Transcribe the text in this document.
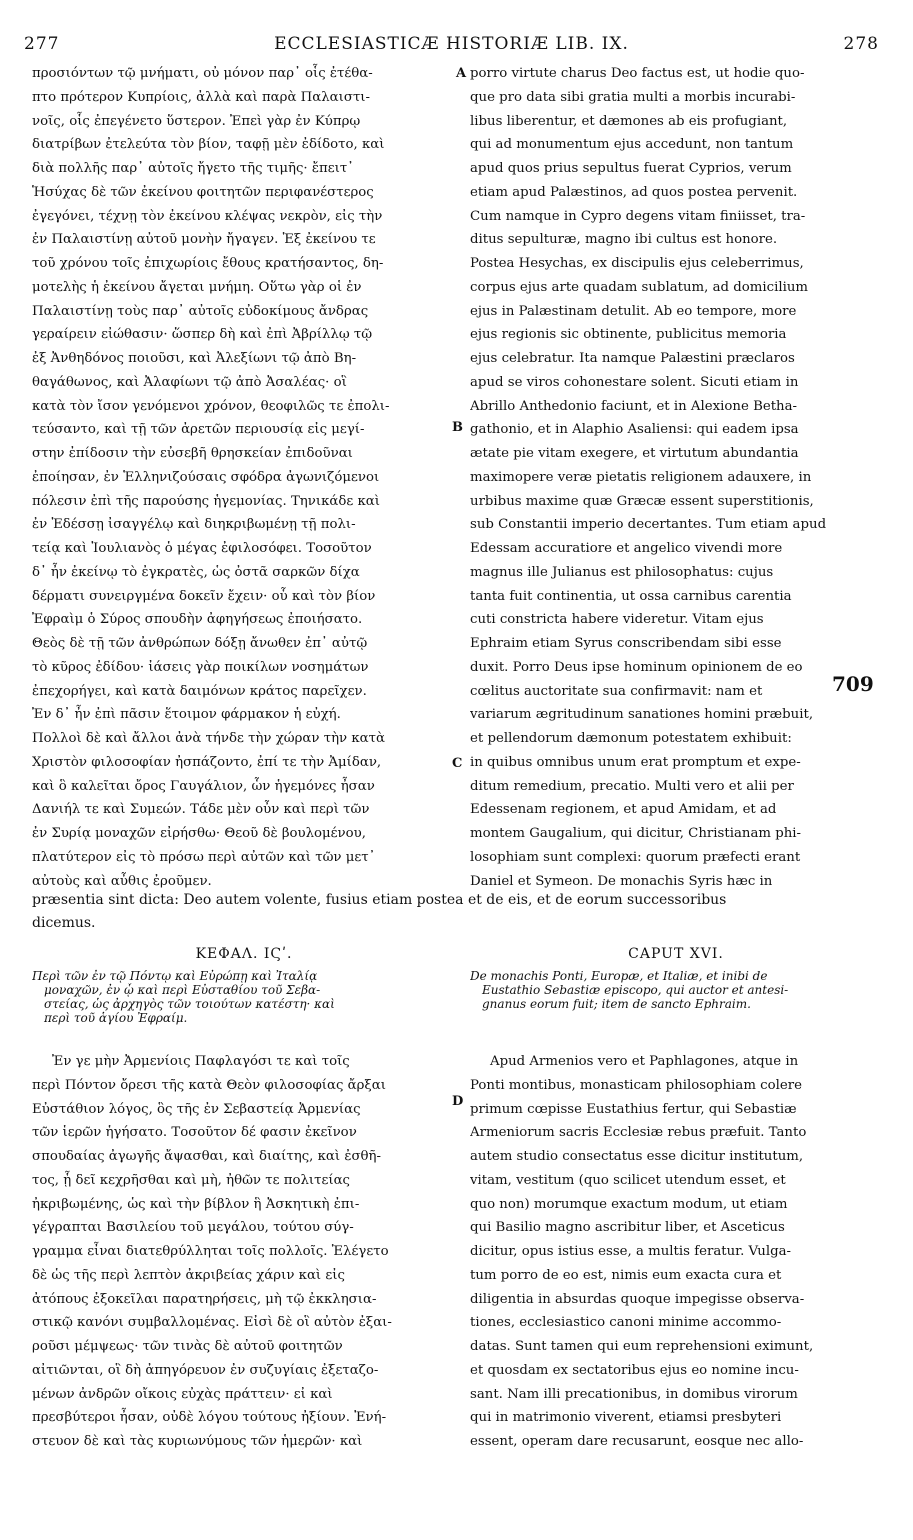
277	ECCLESIASTICÆ HISTORIÆ LIB. IX.	278
προσιόντων τῷ μνήματι, οὐ μόνον παρ᾽ οἷς ἐτέθα-
πτο πρότερον Κυπρίοις, ἀλλὰ καὶ παρὰ Παλαιστι-
νοῖς, οἷς ἐπεγένετο ὕστερον. Ἐπεὶ γὰρ ἐν Κύπρῳ
διατρίβων ἐτελεύτα τὸν βίον, ταφῇ μὲν ἐδίδοτο, καὶ
διὰ πολλῆς παρ᾽ αὐτοῖς ἤγετο τῆς τιμῆς· ἔπειτ᾽
Ἡσύχας δὲ τῶν ἐκείνου φοιτητῶν περιφανέστερος
ἐγεγόνει, τέχνῃ τὸν ἐκείνου κλέψας νεκρὸν, εἰς τὴν
ἐν Παλαιστίνῃ αὐτοῦ μονὴν ἤγαγεν. Ἐξ ἐκείνου τε
τοῦ χρόνου τοῖς ἐπιχωρίοις ἔθους κρατήσαντος, δη-
μοτελὴς ἡ ἐκείνου ἄγεται μνήμη. Οὕτω γὰρ οἱ ἐν
Παλαιστίνῃ τοὺς παρ᾽ αὐτοῖς εὐδοκίμους ἄνδρας
γεραίρειν εἰώθασιν· ὥσπερ δὴ καὶ ἐπὶ Ἀβρίλλῳ τῷ
ἐξ Ἀνθηδόνος ποιοῦσι, καὶ Ἀλεξίωνι τῷ ἀπὸ Βη-
θαγάθωνος, καὶ Ἀλαφίωνι τῷ ἀπὸ Ἀσαλέας· οἳ
κατὰ τὸν ἴσον γενόμενοι χρόνον, θεοφιλῶς τε ἐπολι-
τεύσαντο, καὶ τῇ τῶν ἀρετῶν περιουσίᾳ εἰς μεγί-
στην ἐπίδοσιν τὴν εὐσεβῆ θρησκείαν ἐπιδοῦναι
ἐποίησαν, ἐν Ἑλληνιζούσαις σφόδρα ἀγωνιζόμενοι
πόλεσιν ἐπὶ τῆς παρούσης ἡγεμονίας. Τηνικάδε καὶ
ἐν Ἐδέσσῃ ἰσαγγέλῳ καὶ διηκριβωμένῃ τῇ πολι-
τείᾳ καὶ Ἰουλιανὸς ὁ μέγας ἐφιλοσόφει. Τοσοῦτον
δ᾽ ἦν ἐκείνῳ τὸ ἐγκρατὲς, ὡς ὀστᾶ σαρκῶν δίχα
δέρματι συνειργμένα δοκεῖν ἔχειν· οὗ καὶ τὸν βίον
Ἐφραὶμ ὁ Σύρος σπουδὴν ἀφηγήσεως ἐποιήσατο.
Θεὸς δὲ τῇ τῶν ἀνθρώπων δόξῃ ἄνωθεν ἐπ᾽ αὐτῷ
τὸ κῦρος ἐδίδου· ἰάσεις γὰρ ποικίλων νοσημάτων
ἐπεχορήγει, καὶ κατὰ δαιμόνων κράτος παρεῖχεν.
Ἐν δ᾽ ἦν ἐπὶ πᾶσιν ἕτοιμον φάρμακον ἡ εὐχή.
Πολλοὶ δὲ καὶ ἄλλοι ἀνὰ τήνδε τὴν χώραν τὴν κατὰ
Χριστὸν φιλοσοφίαν ἠσπάζοντο, ἐπί τε τὴν Ἀμίδαν,
καὶ ὃ καλεῖται ὄρος Γαυγάλιον, ὧν ἡγεμόνες ἦσαν
Δανιήλ τε καὶ Συμεών. Τάδε μὲν οὖν καὶ περὶ τῶν
ἐν Συρίᾳ μοναχῶν εἰρήσθω· Θεοῦ δὲ βουλομένου,
πλατύτερον εἰς τὸ πρόσω περὶ αὐτῶν καὶ τῶν μετ᾽
αὐτοὺς καὶ αὖθις ἐροῦμεν.
porro virtute charus Deo factus est, ut hodie quo-
que pro data sibi gratia multi a morbis incurabi-
libus liberentur, et dæmones ab eis profugiant,
qui ad monumentum ejus accedunt, non tantum
apud quos prius sepultus fuerat Cyprios, verum
etiam apud Palæstinos, ad quos postea pervenit.
Cum namque in Cypro degens vitam finiisset, tra-
ditus sepulturæ, magno ibi cultus est honore.
Postea Hesychas, ex discipulis ejus celeberrimus,
corpus ejus arte quadam sublatum, ad domicilium
ejus in Palæstinam detulit. Ab eo tempore, more
ejus regionis sic obtinente, publicitus memoria
ejus celebratur. Ita namque Palæstini præclaros
apud se viros cohonestare solent. Sicuti etiam in
Abrillo Anthedonio faciunt, et in Alexione Betha-
gathonio, et in Alaphio Asaliensi: qui eadem ipsa
ætate pie vitam exegere, et virtutum abundantia
maximopere veræ pietatis religionem adauxere, in
urbibus maxime quæ Græcæ essent superstitionis,
sub Constantii imperio decertantes. Tum etiam apud
Edessam accuratiore et angelico vivendi more
magnus ille Julianus est philosophatus: cujus
tanta fuit continentia, ut ossa carnibus carentia
cuti constricta habere videretur. Vitam ejus
Ephraim etiam Syrus conscribendam sibi esse
duxit. Porro Deus ipse hominum opinionem de eo
cœlitus auctoritate sua confirmavit: nam et
variarum ægritudinum sanationes homini præbuit,
et pellendorum dæmonum potestatem exhibuit:
in quibus omnibus unum erat promptum et expe-
ditum remedium, precatio. Multi vero et alii per
Edessenam regionem, et apud Amidam, et ad
montem Gaugalium, qui dicitur, Christianam phi-
losophiam sunt complexi: quorum præfecti erant
Daniel et Symeon. De monachis Syris hæc in
A
B
C
D
709
præsentia sint dicta: Deo autem volente, fusius etiam postea et de eis, et de eorum successoribus
dicemus.
ΚΕΦΑΛ. ΙϚʹ.	CAPUT XVI.
Περὶ τῶν ἐν τῷ Πόντῳ καὶ Εὐρώπῃ καὶ Ἰταλίᾳ
μοναχῶν, ἐν ᾧ καὶ περὶ Εὐσταθίου τοῦ Σεβα-
στείας, ὡς ἀρχηγὸς τῶν τοιούτων κατέστη· καὶ
περὶ τοῦ ἁγίου Ἐφραίμ.
De monachis Ponti, Europæ, et Italiæ, et inibi de
Eustathio Sebastiæ episcopo, qui auctor et antesi-
gnanus eorum fuit; item de sancto Ephraim.
Ἐν γε μὴν Ἀρμενίοις Παφλαγόσι τε καὶ τοῖς
περὶ Πόντον ὄρεσι τῆς κατὰ Θεὸν φιλοσοφίας ἄρξαι
Εὐστάθιον λόγος, ὃς τῆς ἐν Σεβαστείᾳ Ἀρμενίας
τῶν ἱερῶν ἡγήσατο. Τοσοῦτον δέ φασιν ἐκεῖνον
σπουδαίας ἀγωγῆς ἄψασθαι, καὶ διαίτης, καὶ ἐσθῆ-
τος, ᾗ δεῖ κεχρῆσθαι καὶ μὴ, ἠθῶν τε πολιτείας
ἠκριβωμένης, ὡς καὶ τὴν βίβλον ἣ Ἀσκητικὴ ἐπι-
γέγραπται Βασιλείου τοῦ μεγάλου, τούτου σύγ-
γραμμα εἶναι διατεθρύλληται τοῖς πολλοῖς. Ἐλέγετο
δὲ ὡς τῆς περὶ λεπτὸν ἀκριβείας χάριν καὶ εἰς
ἀτόπους ἐξοκεῖλαι παρατηρήσεις, μὴ τῷ ἐκκλησια-
στικῷ κανόνι συμβαλλομένας. Εἰσὶ δὲ οἳ αὐτὸν ἐξαι-
ροῦσι μέμψεως· τῶν τινὰς δὲ αὐτοῦ φοιτητῶν
αἰτιῶνται, οἳ δὴ ἀπηγόρευον ἐν συζυγίαις ἐξεταζο-
μένων ἀνδρῶν οἴκοις εὐχὰς πράττειν· εἰ καὶ
πρεσβύτεροι ἦσαν, οὐδὲ λόγου τούτους ἠξίουν. Ἐνή-
στευον δὲ καὶ τὰς κυριωνύμους τῶν ἡμερῶν· καὶ
Apud Armenios vero et Paphlagones, atque in
Ponti montibus, monasticam philosophiam colere
primum cœpisse Eustathius fertur, qui Sebastiæ
Armeniorum sacris Ecclesiæ rebus præfuit. Tanto
autem studio consectatus esse dicitur institutum,
vitam, vestitum (quo scilicet utendum esset, et
quo non) morumque exactum modum, ut etiam
qui Basilio magno ascribitur liber, et Asceticus
dicitur, opus istius esse, a multis feratur. Vulga-
tum porro de eo est, nimis eum exacta cura et
diligentia in absurdas quoque impegisse observa-
tiones, ecclesiastico canoni minime accommo-
datas. Sunt tamen qui eum reprehensioni eximunt,
et quosdam ex sectatoribus ejus eo nomine incu-
sant. Nam illi precationibus, in domibus virorum
qui in matrimonio viverent, etiamsi presbyteri
essent, operam dare recusarunt, eosque nec allo-
